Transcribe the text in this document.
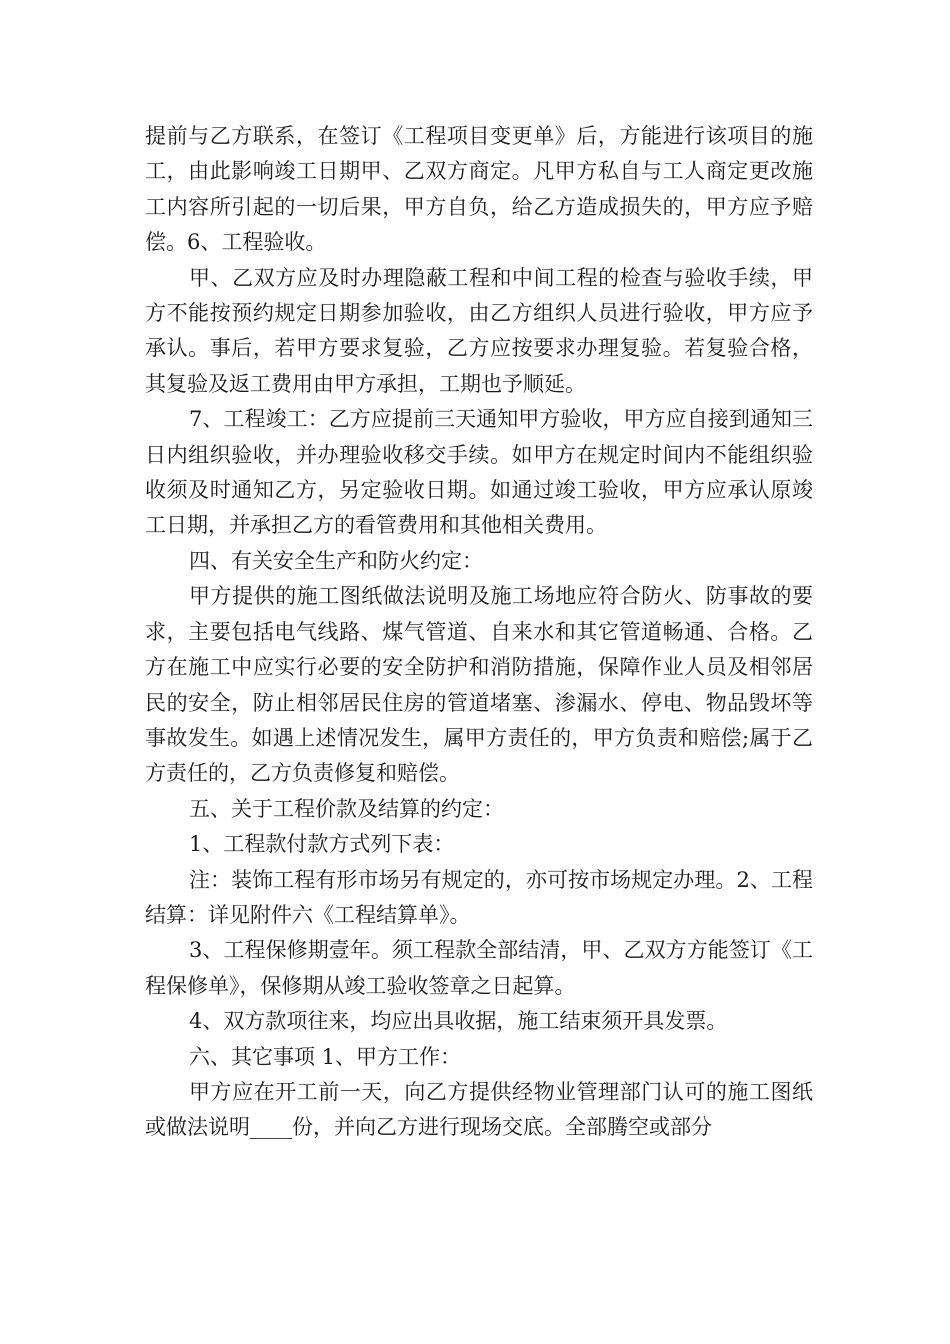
提前与乙方联系，在签订《工程项目变更单》后，方能进行该项目的施工，由此影响竣工日期甲、乙双方商定。凡甲方私自与工人商定更改施工内容所引起的一切后果，甲方自负，给乙方造成损失的，甲方应予赔偿。6、工程验收。

甲、乙双方应及时办理隐蔽工程和中间工程的检查与验收手续，甲方不能按预约规定日期参加验收，由乙方组织人员进行验收，甲方应予承认。事后，若甲方要求复验，乙方应按要求办理复验。若复验合格，其复验及返工费用由甲方承担，工期也予顺延。

7、工程竣工：乙方应提前三天通知甲方验收，甲方应自接到通知三日内组织验收，并办理验收移交手续。如甲方在规定时间内不能组织验收须及时通知乙方，另定验收日期。如通过竣工验收，甲方应承认原竣工日期，并承担乙方的看管费用和其他相关费用。

四、有关安全生产和防火约定：

甲方提供的施工图纸做法说明及施工场地应符合防火、防事故的要求，主要包括电气线路、煤气管道、自来水和其它管道畅通、合格。乙方在施工中应实行必要的安全防护和消防措施，保障作业人员及相邻居民的安全，防止相邻居民住房的管道堵塞、渗漏水、停电、物品毁坏等事故发生。如遇上述情况发生，属甲方责任的，甲方负责和赔偿;属于乙方责任的，乙方负责修复和赔偿。

五、关于工程价款及结算的约定：

1、工程款付款方式列下表：

注：装饰工程有形市场另有规定的，亦可按市场规定办理。2、工程结算：详见附件六《工程结算单》。

3、工程保修期壹年。须工程款全部结清，甲、乙双方方能签订《工程保修单》，保修期从竣工验收签章之日起算。

4、双方款项往来，均应出具收据，施工结束须开具发票。

六、其它事项 1、甲方工作：

甲方应在开工前一天，向乙方提供经物业管理部门认可的施工图纸或做法说明____份，并向乙方进行现场交底。全部腾空或部分
